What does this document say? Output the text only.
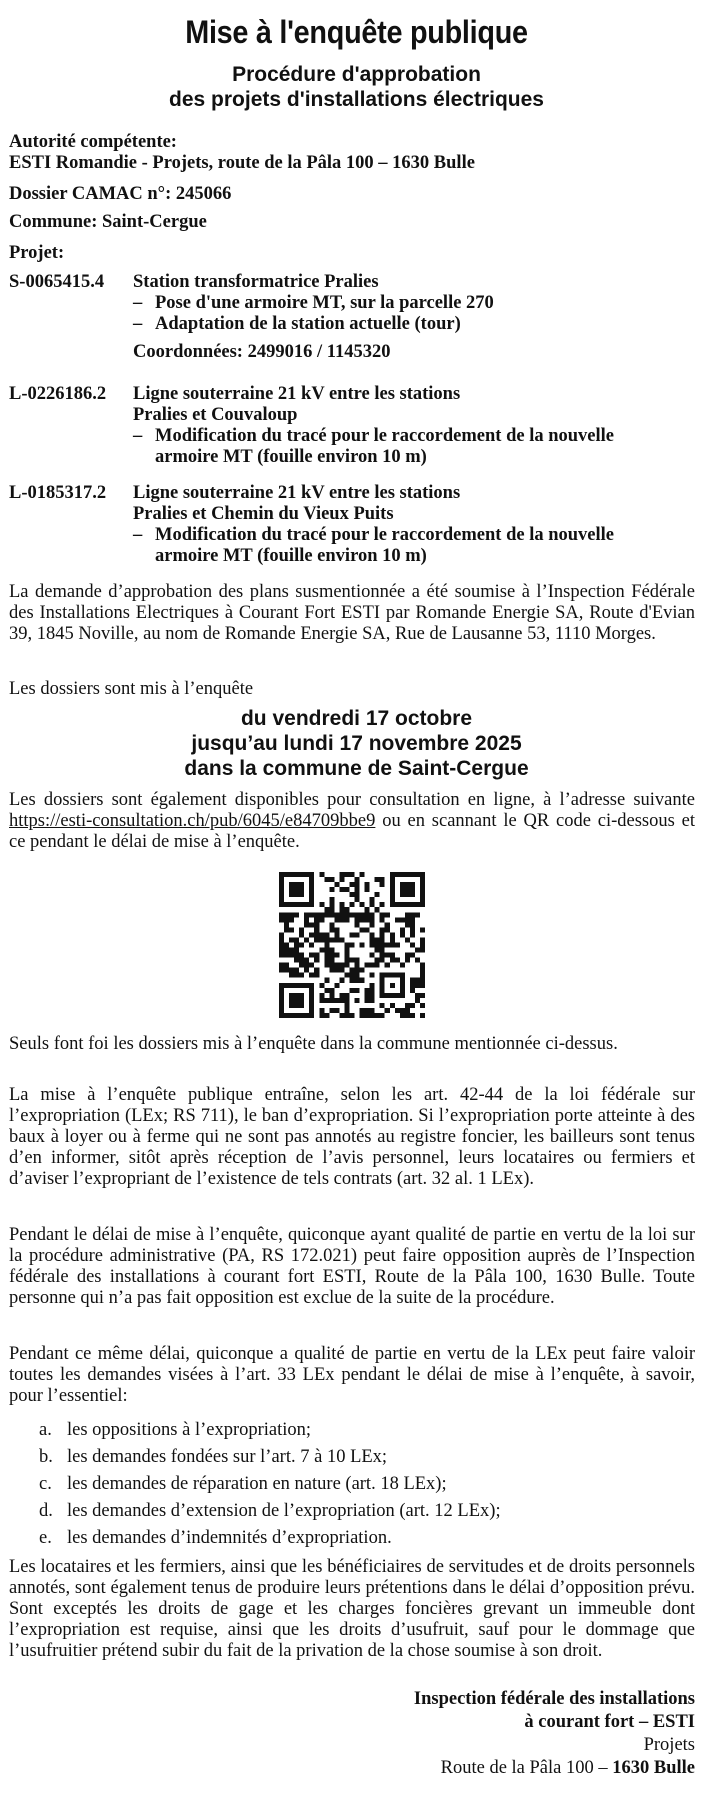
Mise à l'enquête publique
Procédure d'approbation
des projets d'installations électriques
Autorité compétente:
ESTI Romandie - Projets, route de la Pâla 100 – 1630 Bulle
Dossier CAMAC n°: 245066
Commune: Saint-Cergue
Projet:
S-0065415.4 Station transformatrice Pralies
– Pose d'une armoire MT, sur la parcelle 270
– Adaptation de la station actuelle (tour)
Coordonnées: 2499016 / 1145320
L-0226186.2 Ligne souterraine 21 kV entre les stations
Pralies et Couvaloup
– Modification du tracé pour le raccordement de la nouvelle
armoire MT (fouille environ 10 m)
L-0185317.2 Ligne souterraine 21 kV entre les stations
Pralies et Chemin du Vieux Puits
– Modification du tracé pour le raccordement de la nouvelle
armoire MT (fouille environ 10 m)
La demande d’approbation des plans susmentionnée a été soumise à l’Inspection Fédérale des Installations Electriques à Courant Fort ESTI par Romande Energie SA, Route d'Evian 39, 1845 Noville, au nom de Romande Energie SA, Rue de Lausanne 53, 1110 Morges.
Les dossiers sont mis à l’enquête
du vendredi 17 octobre
jusqu’au lundi 17 novembre 2025
dans la commune de Saint-Cergue
Les dossiers sont également disponibles pour consultation en ligne, à l’adresse suivante https://esti-consultation.ch/pub/6045/e84709bbe9 ou en scannant le QR code ci-dessous et ce pendant le délai de mise à l’enquête.
Seuls font foi les dossiers mis à l’enquête dans la commune mentionnée ci-dessus.
La mise à l’enquête publique entraîne, selon les art. 42-44 de la loi fédérale sur l’expropriation (LEx; RS 711), le ban d’expropriation. Si l’expropriation porte atteinte à des baux à loyer ou à ferme qui ne sont pas annotés au registre foncier, les bailleurs sont tenus d’en informer, sitôt après réception de l’avis personnel, leurs locataires ou fermiers et d’aviser l’expropriant de l’existence de tels contrats (art. 32 al. 1 LEx).
Pendant le délai de mise à l’enquête, quiconque ayant qualité de partie en vertu de la loi sur la procédure administrative (PA, RS 172.021) peut faire opposition auprès de l’Inspection fédérale des installations à courant fort ESTI, Route de la Pâla 100, 1630 Bulle. Toute personne qui n’a pas fait opposition est exclue de la suite de la procédure.
Pendant ce même délai, quiconque a qualité de partie en vertu de la LEx peut faire valoir toutes les demandes visées à l’art. 33 LEx pendant le délai de mise à l’enquête, à savoir, pour l’essentiel:
a. les oppositions à l’expropriation;
b. les demandes fondées sur l’art. 7 à 10 LEx;
c. les demandes de réparation en nature (art. 18 LEx);
d. les demandes d’extension de l’expropriation (art. 12 LEx);
e. les demandes d’indemnités d’expropriation.
Les locataires et les fermiers, ainsi que les bénéficiaires de servitudes et de droits personnels annotés, sont également tenus de produire leurs prétentions dans le délai d’opposition prévu. Sont exceptés les droits de gage et les charges foncières grevant un immeuble dont l’expropriation est requise, ainsi que les droits d’usufruit, sauf pour le dommage que l’usufruitier prétend subir du fait de la privation de la chose soumise à son droit.
Inspection fédérale des installations
à courant fort – ESTI
Projets
Route de la Pâla 100 – 1630 Bulle
